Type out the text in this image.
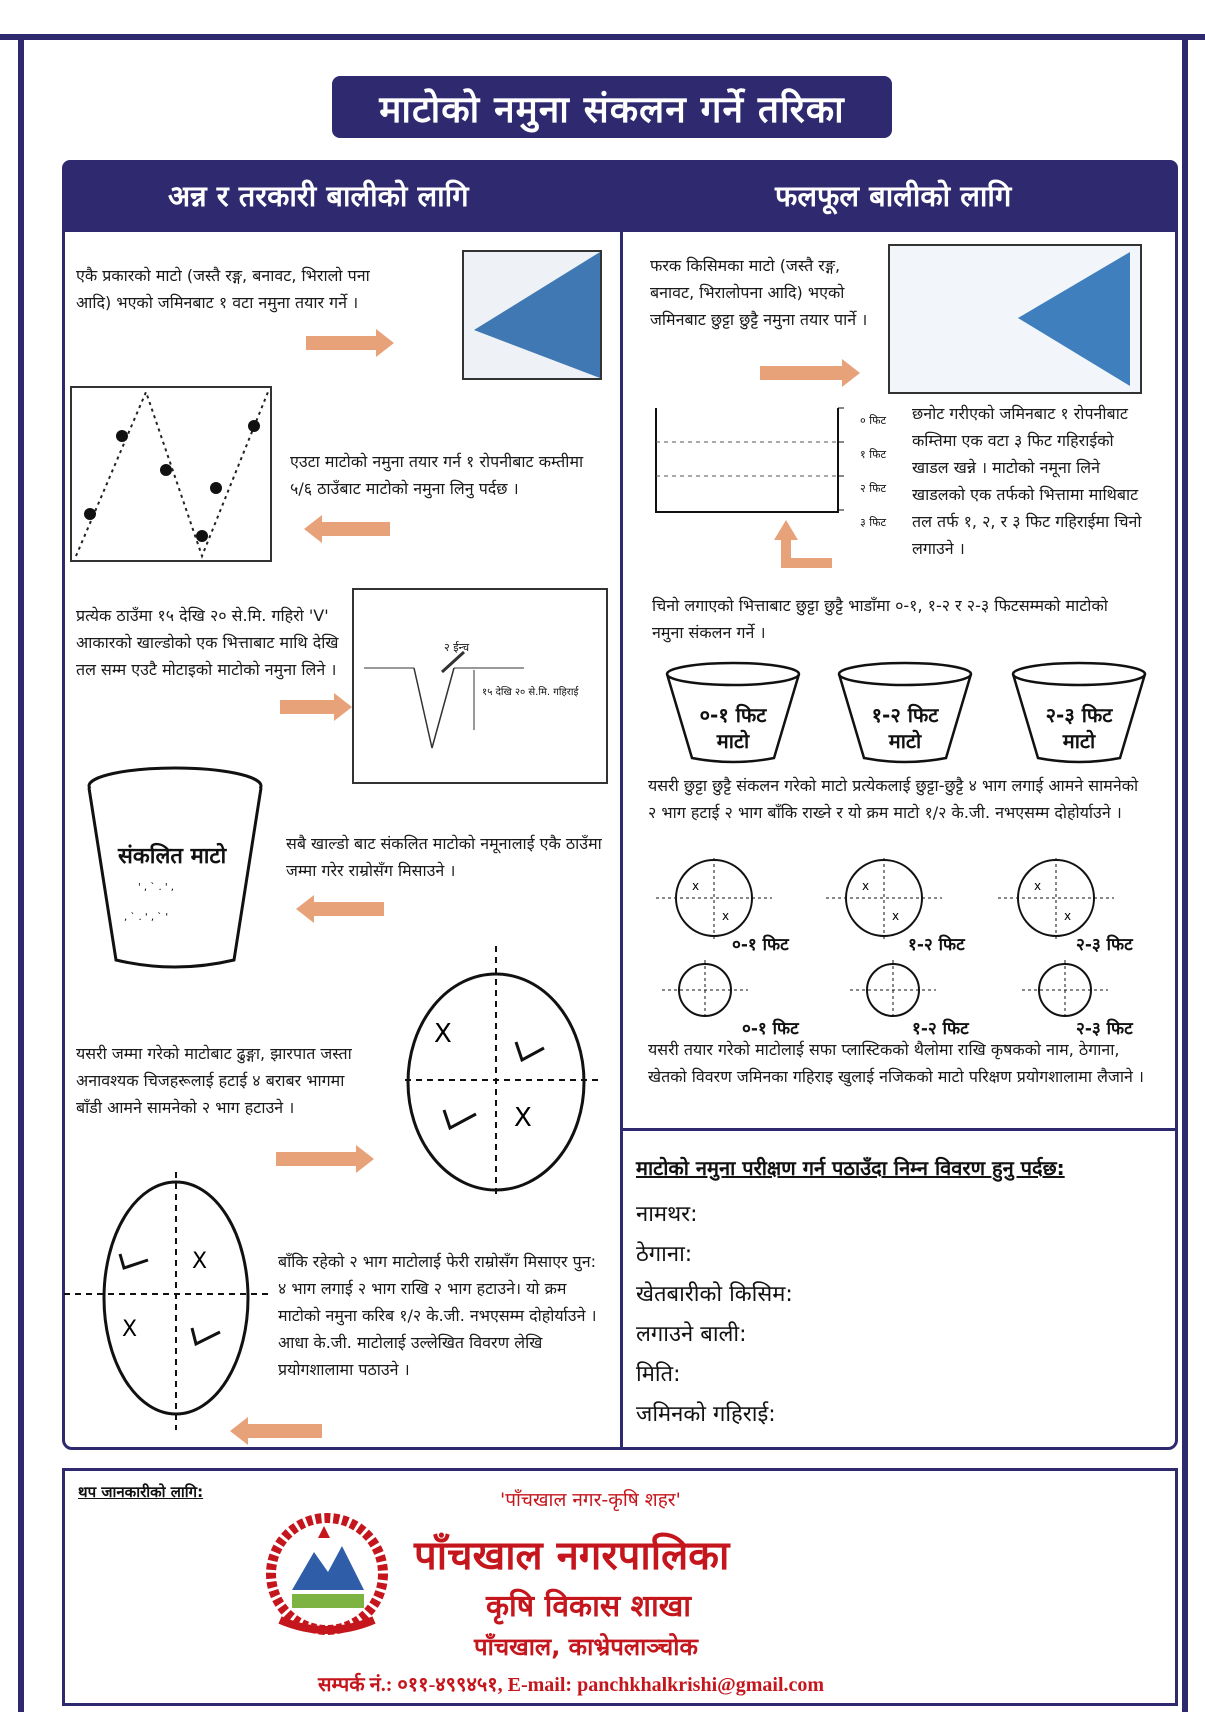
माटोको नमुना संकलन गर्ने तरिका
अन्न र तरकारी बालीको लागि	फलफूल बालीको लागि
एकै प्रकारको माटो (जस्तै रङ्ग, बनावट, भिरालो पना आदि) भएको जमिनबाट १ वटा नमुना तयार गर्ने ।
एउटा माटोको नमुना तयार गर्न १ रोपनीबाट कम्तीमा ५/६ ठाउँबाट माटोको नमुना लिनु पर्दछ ।
प्रत्येक ठाउँमा १५ देखि २० से.मि. गहिरो 'V' आकारको खाल्डोको एक भित्ताबाट माथि देखि तल सम्म एउटै मोटाइको माटोको नमुना लिने ।
२ ईन्च
१५ देखि २० से.मि. गहिराई
' , ` . ' ,
, ` . ' , ` '
संकलित माटो
सबै खाल्डो बाट संकलित माटोको नमूनालाई एकै ठाउँमा जम्मा गरेर राम्रोसँग मिसाउने ।
X
X
यसरी जम्मा गरेको माटोबाट ढुङ्गा, झारपात जस्ता अनावश्यक चिजहरूलाई हटाई ४ बराबर भागमा बाँडी आमने सामनेको २ भाग हटाउने ।
X
X
बाँकि रहेको २ भाग माटोलाई फेरी राम्रोसँग मिसाएर पुन: ४ भाग लगाई २ भाग राखि २ भाग हटाउने। यो क्रम माटोको नमुना करिब १/२ के.जी. नभएसम्म दोहोर्याउने । आधा के.जी. माटोलाई उल्लेखित विवरण लेखि प्रयोगशालामा पठाउने ।
फरक किसिमका माटो (जस्तै रङ्ग, बनावट, भिरालोपना आदि) भएको जमिनबाट छुट्टा छुट्टै नमुना तयार पार्ने ।
० फिट
१ फिट
२ फिट
३ फिट
छनोट गरीएको जमिनबाट १ रोपनीबाट कम्तिमा एक वटा ३ फिट गहिराईको खाडल खन्ने । माटोको नमूना लिने खाडलको एक तर्फको भित्तामा माथिबाट तल तर्फ १, २, र ३ फिट गहिराईमा चिनो लगाउने ।
चिनो लगाएको भित्ताबाट छुट्टा छुट्टै भाडाँमा ०-१, १-२ र २-३ फिटसम्मको माटोको नमुना संकलन गर्ने ।
०-१ फिट
माटो
१-२ फिट
माटो
२-३ फिट
माटो
यसरी छुट्टा छुट्टै संकलन गरेको माटो प्रत्येकलाई छुट्टा-छुट्टै ४ भाग लगाई आमने सामनेको २ भाग हटाई २ भाग बाँकि राख्ने र यो क्रम माटो १/२ के.जी. नभएसम्म दोहोर्याउने ।
x
x
x
x
x
x
०-१ फिट	१-२ फिट	२-३ फिट
०-१ फिट	१-२ फिट	२-३ फिट
यसरी तयार गरेको माटोलाई सफा प्लास्टिकको थैलोमा राखि कृषकको नाम, ठेगाना, खेतको विवरण जमिनका गहिराइ खुलाई नजिकको माटो परिक्षण प्रयोगशालामा लैजाने ।
माटोको नमुना परीक्षण गर्न पठाउँदा निम्न विवरण हुनु पर्दछ:
नामथर:
ठेगाना:
खेतबारीको किसिम:
लगाउने बाली:
मिति:
जमिनको गहिराई:
थप जानकारीको लागि:	'पाँचखाल नगर-कृषि शहर'
पाँचखाल नगरपालिका
कृषि विकास शाखा
पाँचखाल, काभ्रेपलाञ्चोक
सम्पर्क नं.: ०११-४९९४५१, E-mail: panchkhalkrishi@gmail.com
